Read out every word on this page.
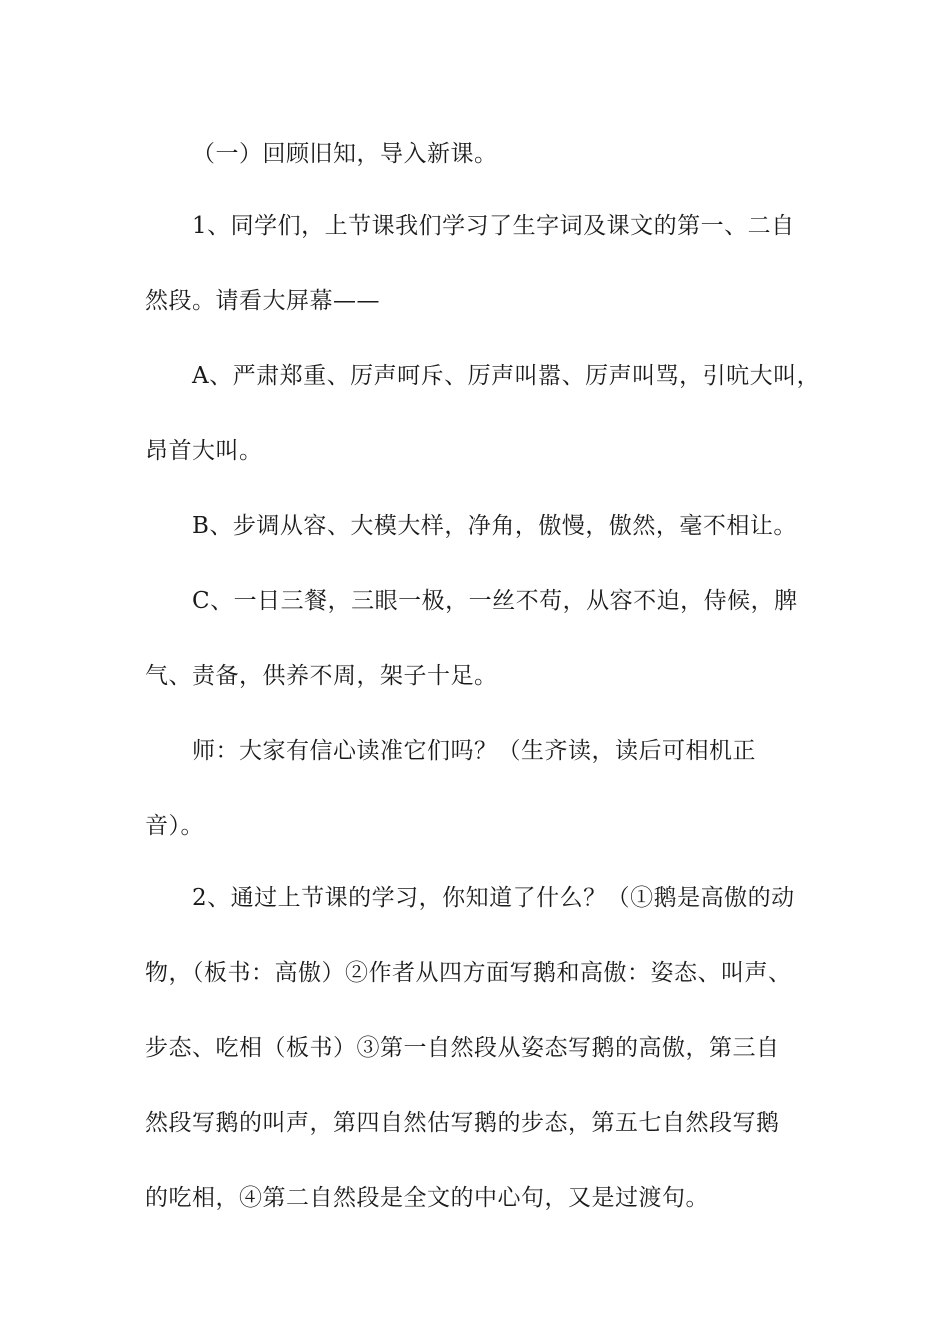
（一）回顾旧知，导入新课。
1、同学们，上节课我们学习了生字词及课文的第一、二自
然段。请看大屏幕——
A、严肃郑重、厉声呵斥、厉声叫嚣、厉声叫骂，引吭大叫，
昂首大叫。
B、步调从容、大模大样，净角，傲慢，傲然，毫不相让。
C、一日三餐，三眼一极，一丝不苟，从容不迫，侍候，脾
气、责备，供养不周，架子十足。
师：大家有信心读准它们吗？（生齐读，读后可相机正
音）。
2、通过上节课的学习，你知道了什么？（①鹅是高傲的动
物，（板书：高傲）②作者从四方面写鹅和高傲：姿态、叫声、
步态、吃相（板书）③第一自然段从姿态写鹅的高傲，第三自
然段写鹅的叫声，第四自然估写鹅的步态，第五七自然段写鹅
的吃相，④第二自然段是全文的中心句，又是过渡句。
